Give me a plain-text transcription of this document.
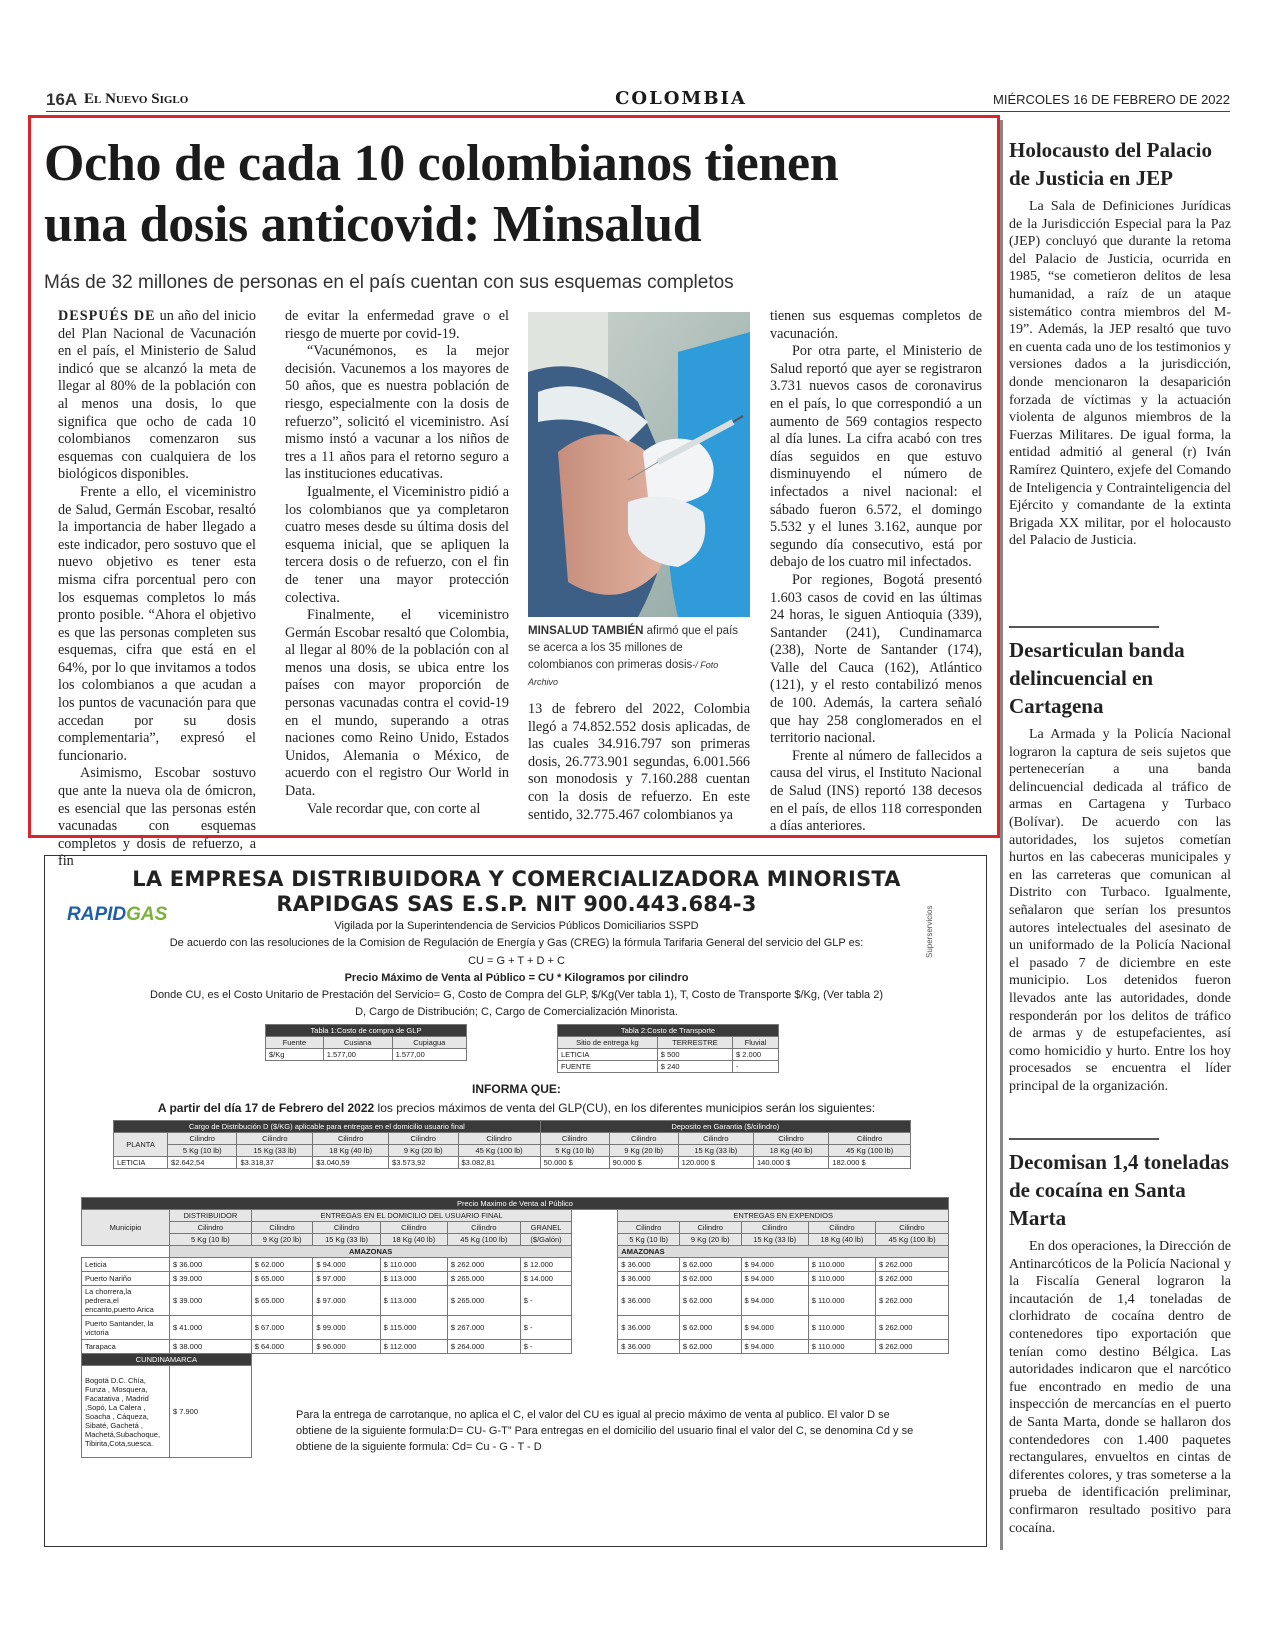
16A El Nuevo Siglo	COLOMBIA	MIÉRCOLES 16 DE FEBRERO DE 2022
Ocho de cada 10 colombianos tienen
una dosis anticovid: Minsalud
Más de 32 millones de personas en el país cuentan con sus esquemas completos

DESPUÉS DE un año del inicio del Plan Nacional de Vacunación en el país, el Ministerio de Salud indicó que se alcanzó la meta de llegar al 80% de la población con al menos una dosis, lo que significa que ocho de cada 10 colombianos comenzaron sus esquemas con cualquiera de los biológicos disponibles.

Frente a ello, el viceministro de Salud, Germán Escobar, resaltó la importancia de haber llegado a este indicador, pero sostuvo que el nuevo objetivo es tener esta misma cifra porcentual pero con los esquemas completos lo más pronto posible. “Ahora el objetivo es que las personas completen sus esquemas, cifra que está en el 64%, por lo que invitamos a todos los colombianos a que acudan a los puntos de vacunación para que accedan por su dosis complementaria”, expresó el funcionario.

Asimismo, Escobar sostuvo que ante la nueva ola de ómicron, es esencial que las personas estén vacunadas con esquemas completos y dosis de refuerzo, a fin

de evitar la enfermedad grave o el riesgo de muerte por covid-19.

“Vacunémonos, es la mejor decisión. Vacunemos a los mayores de 50 años, que es nuestra población de riesgo, especialmente con la dosis de refuerzo”, solicitó el viceministro. Así mismo instó a vacunar a los niños de tres a 11 años para el retorno seguro a las instituciones educativas.

Igualmente, el Viceministro pidió a los colombianos que ya completaron cuatro meses desde su última dosis del esquema inicial, que se apliquen la tercera dosis o de refuerzo, con el fin de tener una mayor protección colectiva.

Finalmente, el viceministro Germán Escobar resaltó que Colombia, al llegar al 80% de la población con al menos una dosis, se ubica entre los países con mayor proporción de personas vacunadas contra el covid-19 en el mundo, superando a otras naciones como Reino Unido, Estados Unidos, Alemania o México, de acuerdo con el registro Our World in Data.

Vale recordar que, con corte al

MINSALUD TAMBIÉN afirmó que el país se acerca a los 35 millones de colombianos con primeras dosis-/ Foto Archivo

13 de febrero del 2022, Colombia llegó a 74.852.552 dosis aplicadas, de las cuales 34.916.797 son primeras dosis, 26.773.901 segundas, 6.001.566 son monodosis y 7.160.288 cuentan con la dosis de refuerzo. En este sentido, 32.775.467 colombianos ya

tienen sus esquemas completos de vacunación.

Por otra parte, el Ministerio de Salud reportó que ayer se registraron 3.731 nuevos casos de coronavirus en el país, lo que correspondió a un aumento de 569 contagios respecto al día lunes. La cifra acabó con tres días seguidos en que estuvo disminuyendo el número de infectados a nivel nacional: el sábado fueron 6.572, el domingo 5.532 y el lunes 3.162, aunque por segundo día consecutivo, está por debajo de los cuatro mil infectados.

Por regiones, Bogotá presentó 1.603 casos de covid en las últimas 24 horas, le siguen Antioquia (339), Santander (241), Cundinamarca (238), Norte de Santander (174), Valle del Cauca (162), Atlántico (121), y el resto contabilizó menos de 100. Además, la cartera señaló que hay 258 conglomerados en el territorio nacional.

Frente al número de fallecidos a causa del virus, el Instituto Nacional de Salud (INS) reportó 138 decesos en el país, de ellos 118 corresponden a días anteriores.

Holocausto del Palacio de Justicia en JEP
La Sala de Definiciones Jurídicas de la Jurisdicción Especial para la Paz (JEP) concluyó que durante la retoma del Palacio de Justicia, ocurrida en 1985, “se cometieron delitos de lesa humanidad, a raíz de un ataque sistemático contra miembros del M-19”. Además, la JEP resaltó que tuvo en cuenta cada uno de los testimonios y versiones dados a la jurisdicción, donde mencionaron la desaparición forzada de víctimas y la actuación violenta de algunos miembros de la Fuerzas Militares. De igual forma, la entidad admitió al general (r) Iván Ramírez Quintero, exjefe del Comando de Inteligencia y Contrainteligencia del Ejército y comandante de la extinta Brigada XX militar, por el holocausto del Palacio de Justicia.
Desarticulan banda delincuencial en Cartagena
La Armada y la Policía Nacional lograron la captura de seis sujetos que pertenecerían a una banda delincuencial dedicada al tráfico de armas en Cartagena y Turbaco (Bolívar). De acuerdo con las autoridades, los sujetos cometían hurtos en las cabeceras municipales y en las carreteras que comunican al Distrito con Turbaco. Igualmente, señalaron que serían los presuntos autores intelectuales del asesinato de un uniformado de la Policía Nacional el pasado 7 de diciembre en este municipio. Los detenidos fueron llevados ante las autoridades, donde responderán por los delitos de tráfico de armas y de estupefacientes, así como homicidio y hurto. Entre los hoy procesados se encuentra el líder principal de la organización.
Decomisan 1,4 toneladas de cocaína en Santa Marta
En dos operaciones, la Dirección de Antinarcóticos de la Policía Nacional y la Fiscalía General lograron la incautación de 1,4 toneladas de clorhidrato de cocaína dentro de contenedores tipo exportación que tenían como destino Bélgica. Las autoridades indicaron que el narcótico fue encontrado en medio de una inspección de mercancías en el puerto de Santa Marta, donde se hallaron dos contendedores con 1.400 paquetes rectangulares, envueltos en cintas de diferentes colores, y tras someterse a la prueba de identificación preliminar, confirmaron resultado positivo para cocaína.
LA EMPRESA DISTRIBUIDORA Y COMERCIALIZADORA MINORISTA
RAPIDGAS SAS E.S.P. NIT 900.443.684-3
RAPIDGAS	Superservicios
Vigilada por la Superintendencia de Servicios Públicos Domiciliarios SSPD
De acuerdo con las resoluciones de la Comision de Regulación de Energía y Gas (CREG) la fórmula Tarifaria General del servicio del GLP es:
CU = G + T + D + C
Precio Máximo de Venta al Público = CU * Kilogramos por cilindro
Donde CU, es el Costo Unitario de Prestación del Servicio= G, Costo de Compra del GLP, $/Kg(Ver tabla 1), T, Costo de Transporte $/Kg, (Ver tabla 2)
D, Cargo de Distribución; C, Cargo de Comercialización Minorista.
Tabla 1:Costo de compra de GLP		
Fuente	Cusiana	Cupiagua
$/Kg	1.577,00	1.577,00
Tabla 2:Costo de Transporte		
Sitio de entrega kg	TERRESTRE	Fluvial
LETICIA	$ 500	$ 2.000
FUENTE	$ 240	-
INFORMA QUE:
A partir del día 17 de Febrero del 2022 los precios máximos de venta del GLP(CU), en los diferentes municipios serán los siguientes:
Cargo de Distribución D ($/KG) aplicable para entregas en el domicilio usuario final						Deposito en Garantia ($/cilindro)				
PLANTA	Cilindro	Cilindro	Cilindro	Cilindro	Cilindro	Cilindro	Cilindro	Cilindro	Cilindro	Cilindro
	5 Kg (10 lb)	15 Kg (33 lb)	18 Kg (40 lb)	9 Kg (20 lb)	45 Kg (100 lb)	5 Kg (10 lb)	9 Kg (20 lb)	15 Kg (33 lb)	18 Kg (40 lb)	45 Kg (100 lb)
LETICIA	$2.642,54	$3.318,37	$3.040,59	$3.573,92	$3.082,81	50.000 $	90.000 $	120.000 $	140.000 $	182.000 $
Precio Maximo de Venta al Público												
Municipio	DISTRIBUIDOR	ENTREGAS EN EL DOMICILIO DEL USUARIO FINAL						ENTREGAS EN EXPENDIOS				
	Cilindro	Cilindro	Cilindro	Cilindro	Cilindro	GRANEL		Cilindro	Cilindro	Cilindro	Cilindro	Cilindro
	5 Kg (10 lb)	9 Kg (20 lb)	15 Kg (33 lb)	18 Kg (40 lb)	45 Kg (100 lb)	($/Galón)		5 Kg (10 lb)	9 Kg (20 lb)	15 Kg (33 lb)	18 Kg (40 lb)	45 Kg (100 lb)
	AMAZONAS							AMAZONAS				
Leticia	$ 36.000	$ 62.000	$ 94.000	$ 110.000	$ 262.000	$ 12.000		$ 36.000	$ 62.000	$ 94.000	$ 110.000	$ 262.000
Puerto Nariño	$ 39.000	$ 65.000	$ 97.000	$ 113.000	$ 265.000	$ 14.000		$ 36.000	$ 62.000	$ 94.000	$ 110.000	$ 262.000
La chorrera,la pedrera,el encanto,puerto Arica	$ 39.000	$ 65.000	$ 97.000	$ 113.000	$ 265.000	$ -		$ 36.000	$ 62.000	$ 94.000	$ 110.000	$ 262.000
Puerto Santander, la victoria	$ 41.000	$ 67.000	$ 99.000	$ 115.000	$ 267.000	$ -		$ 36.000	$ 62.000	$ 94.000	$ 110.000	$ 262.000
Tarapaca	$ 38.000	$ 64.000	$ 96.000	$ 112.000	$ 264.000	$ -		$ 36.000	$ 62.000	$ 94.000	$ 110.000	$ 262.000
CUNDINAMARCA												
Bogotá D.C. Chía, Funza , Mosquera, Facatativa , Madrid ,Sopó, La Calera , Soacha , Cáqueza, Sibaté, Gachetá , Machetá,Subachoque, Tibirita,Cota,suesca.	$ 7.900												Para la entrega de carrotanque, no aplica el C, el valor del CU es igual al precio máximo de venta al publico. El valor D se obtiene de la siguiente formula:D= CU- G-T” Para entregas en el domicilio del usuario final el valor del C, se denomina Cd y se obtiene de la siguiente formula: Cd= Cu - G - T - D
